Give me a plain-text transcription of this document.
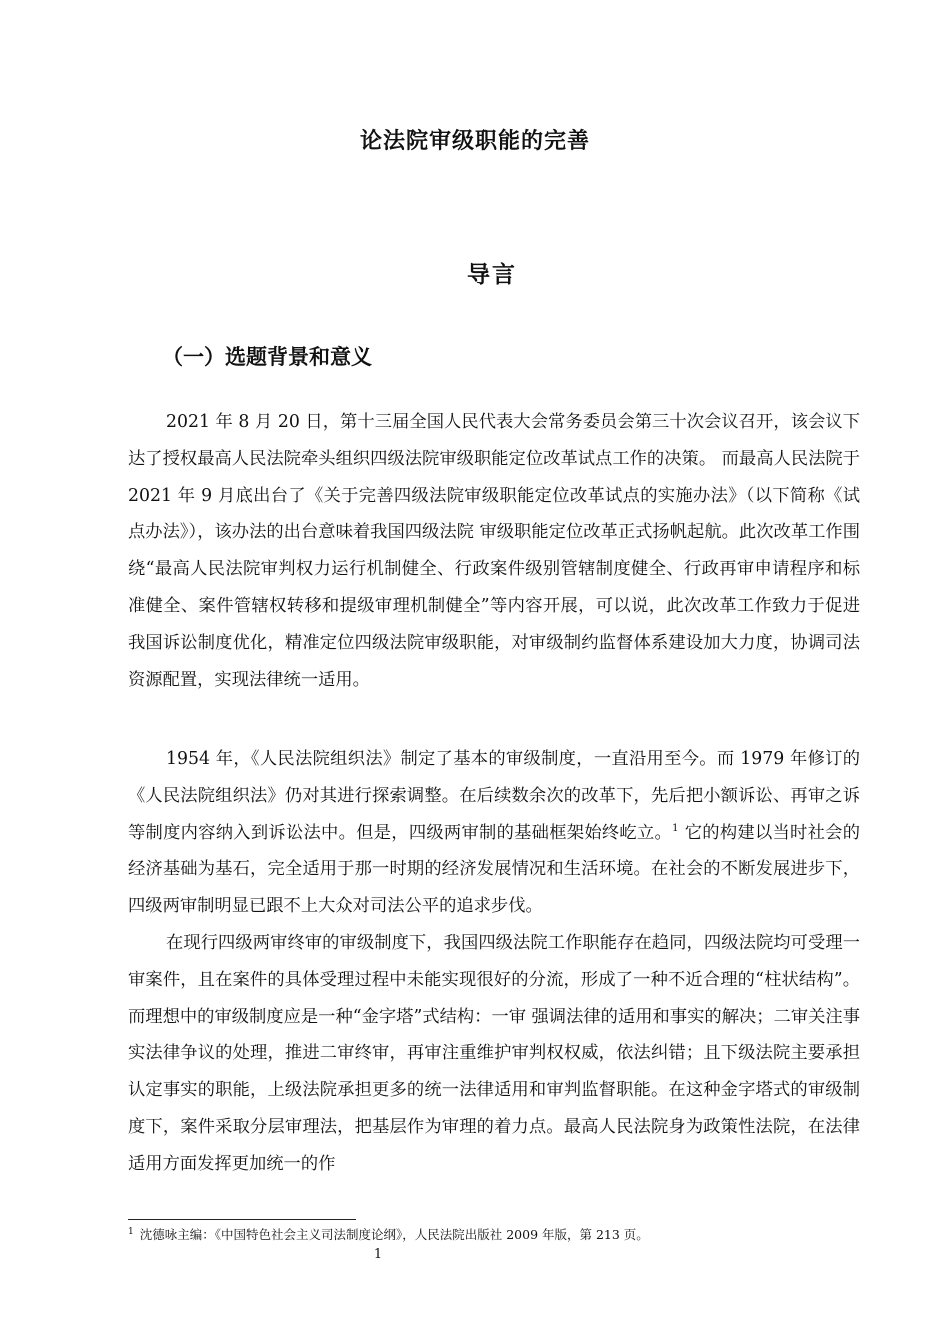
论法院审级职能的完善
导言
（一）选题背景和意义

2021 年 8 月 20 日，第十三届全国人民代表大会常务委员会第三十次会议召开，该会议下达了授权最高人民法院牵头组织四级法院审级职能定位改革试点工作的决策。 而最高人民法院于 2021 年 9 月底出台了《关于完善四级法院审级职能定位改革试点的实施办法》（以下简称《试点办法》），该办法的出台意味着我国四级法院 审级职能定位改革正式扬帆起航。此次改革工作围绕“最高人民法院审判权力运行机制健全、行政案件级别管辖制度健全、行政再审申请程序和标准健全、案件管辖权转移和提级审理机制健全”等内容开展，可以说，此次改革工作致力于促进我国诉讼制度优化，精准定位四级法院审级职能，对审级制约监督体系建设加大力度，协调司法资源配置，实现法律统一适用。

1954 年，《人民法院组织法》制定了基本的审级制度，一直沿用至今。而 1979 年修订的《人民法院组织法》仍对其进行探索调整。在后续数余次的改革下，先后把小额诉讼、再审之诉等制度内容纳入到诉讼法中。但是，四级两审制的基础框架始终屹立。$^1$ 它的构建以当时社会的经济基础为基石，完全适用于那一时期的经济发展情况和生活环境。在社会的不断发展进步下，四级两审制明显已跟不上大众对司法公平的追求步伐。

在现行四级两审终审的审级制度下，我国四级法院工作职能存在趋同，四级法院均可受理一审案件，且在案件的具体受理过程中未能实现很好的分流，形成了一种不近合理的“柱状结构”。而理想中的审级制度应是一种“金字塔”式结构：一审 强调法律的适用和事实的解决；二审关注事实法律争议的处理，推进二审终审，再审注重维护审判权权威，依法纠错；且下级法院主要承担认定事实的职能，上级法院承担更多的统一法律适用和审判监督职能。在这种金字塔式的审级制度下，案件采取分层审理法，把基层作为审理的着力点。最高人民法院身为政策性法院，在法律适用方面发挥更加统一的作

$^1$ 沈德咏主编：《中国特色社会主义司法制度论纲》，人民法院出版社 2009 年版，第 213 页。

1
